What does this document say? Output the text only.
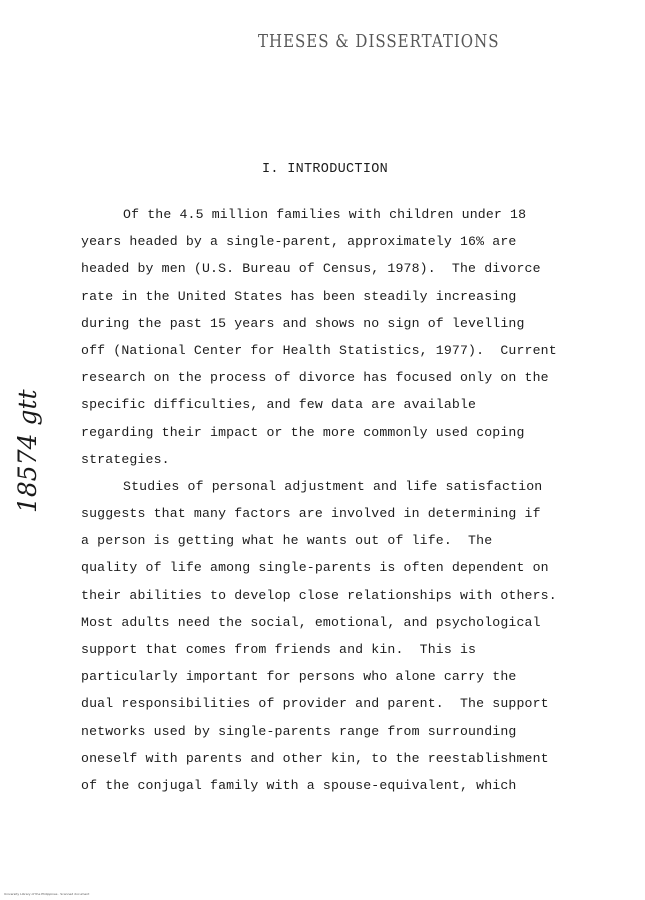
THESES & DISSERTATIONS
I. INTRODUCTION
18574 gtt
Of the 4.5 million families with children under 18
years headed by a single-parent, approximately 16% are
headed by men (U.S. Bureau of Census, 1978).  The divorce
rate in the United States has been steadily increasing
during the past 15 years and shows no sign of levelling
off (National Center for Health Statistics, 1977).  Current
research on the process of divorce has focused only on the
specific difficulties, and few data are available
regarding their impact or the more commonly used coping
strategies.
Studies of personal adjustment and life satisfaction
suggests that many factors are involved in determining if
a person is getting what he wants out of life.  The
quality of life among single-parents is often dependent on
their abilities to develop close relationships with others.
Most adults need the social, emotional, and psychological
support that comes from friends and kin.  This is
particularly important for persons who alone carry the
dual responsibilities of provider and parent.  The support
networks used by single-parents range from surrounding
oneself with parents and other kin, to the reestablishment
of the conjugal family with a spouse-equivalent, which
University Library of the Philippines · Scanned document
